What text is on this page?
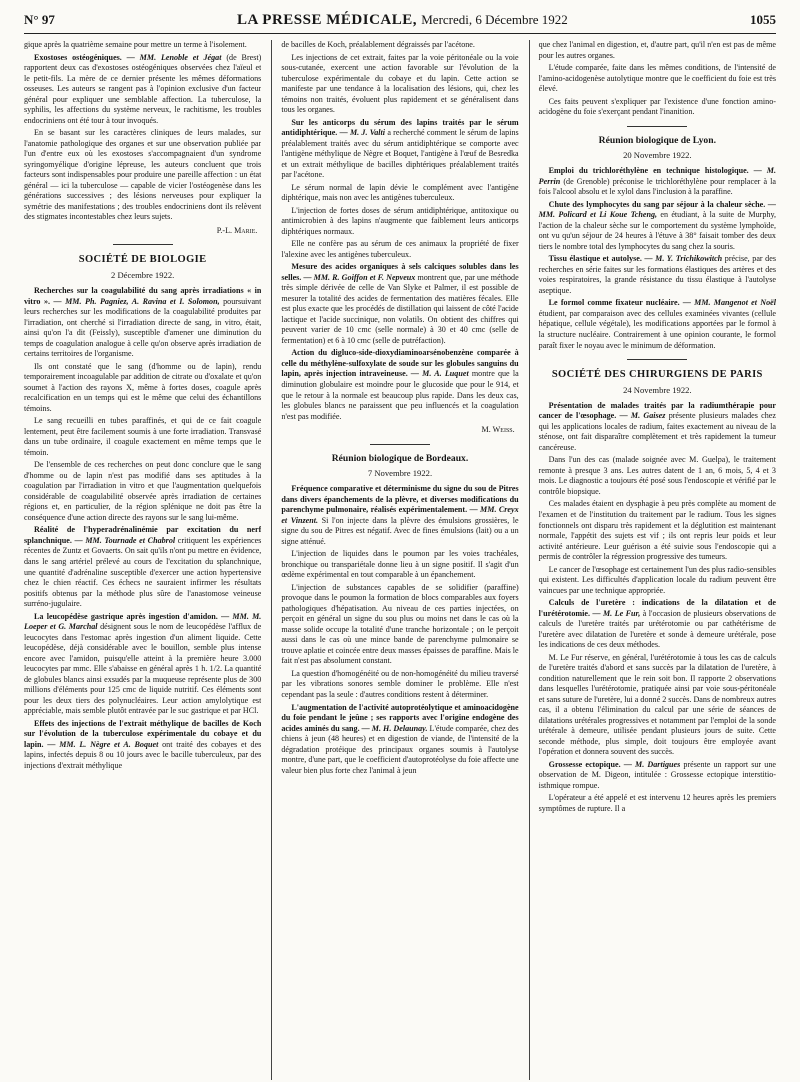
N° 97	LA PRESSE MÉDICALE, Mercredi, 6 Décembre 1922	1055

gique après la quatrième semaine pour mettre un terme à l'isolement.

Exostoses ostéogéniques. — MM. Lenoble et Jégat (de Brest) rapportent deux cas d'exostoses ostéogéniques observées chez l'aïeul et le petit-fils. La mère de ce dernier présente les mêmes déformations osseuses. Les auteurs se rangent pas à l'opinion exclusive d'un facteur général pour expliquer une semblable affection. La tuberculose, la syphilis, les affections du système nerveux, le rachitisme, les troubles endocriniens ont été tour à tour invoqués.

En se basant sur les caractères cliniques de leurs malades, sur l'anatomie pathologique des organes et sur une observation publiée par l'un d'entre eux où les exostoses s'accompagnaient d'un syndrome syringomyélique d'origine lépreuse, les auteurs concluent que trois facteurs sont indispensables pour produire une pareille affection : un état général — ici la tuberculose — capable de vicier l'ostéogenèse dans les générations successives ; des lésions nerveuses pour expliquer la symétrie des manifestations ; des troubles endocriniens dont ils relèvent des stigmates incontestables chez leurs sujets.

P.-L. Marie.

SOCIÉTÉ DE BIOLOGIE
2 Décembre 1922.

Recherches sur la coagulabilité du sang après irradiations « in vitro ». — MM. Ph. Pagniez, A. Ravina et I. Solomon, poursuivant leurs recherches sur les modifications de la coagulabilité produites par l'irradiation, ont cherché si l'irradiation directe de sang, in vitro, était, ainsi qu'on l'a dit (Feissly), susceptible d'amener une diminution du temps de coagulation analogue à celle qu'on observe après irradiation de certains territoires de l'organisme.

Ils ont constaté que le sang (d'homme ou de lapin), rendu temporairement incoagulable par addition de citrate ou d'oxalate et qu'on soumet à l'action des rayons X, même à fortes doses, coagule après recalcification en un temps qui est le même que celui des échantillons témoins.

Le sang recueilli en tubes paraffinés, et qui de ce fait coagule lentement, peut être facilement soumis à une forte irradiation. Transvasé dans un tube ordinaire, il coagule exactement en même temps que le témoin.

De l'ensemble de ces recherches on peut donc conclure que le sang d'homme ou de lapin n'est pas modifié dans ses aptitudes à la coagulation par l'irradiation in vitro et que l'augmentation quelquefois considérable de coagulabilité observée après irradiation de certaines régions et, en particulier, de la région splénique ne doit pas être la conséquence d'une action directe des rayons sur le sang lui-même.

Réalité de l'hyperadrénalinémie par excitation du nerf splanchnique. — MM. Tournade et Chabrol critiquent les expériences récentes de Zuntz et Govaerts. On sait qu'ils n'ont pu mettre en évidence, dans le sang artériel prélevé au cours de l'excitation du splanchnique, une quantité d'adrénaline susceptible d'exercer une action hypertensive chez le chien réactif. Ces échecs ne sauraient infirmer les résultats positifs obtenus par la méthode plus sûre de l'anastomose veineuse surréno-jugulaire.

La leucopédèse gastrique après ingestion d'amidon. — MM. M. Loeper et G. Marchal désignent sous le nom de leucopédèse l'afflux de leucocytes dans l'estomac après ingestion d'un aliment liquide. Cette leucopédèse, déjà considérable avec le bouillon, semble plus intense encore avec l'amidon, puisqu'elle atteint à la première heure 3.000 leucocytes par mmc. Elle s'abaisse en général après 1 h. 1/2. La quantité de globules blancs ainsi exsudés par la muqueuse représente plus de 300 millions d'éléments pour 125 cmc de liquide nutritif. Ces éléments sont pour les deux tiers des polynucléaires. Leur action amylolytique est appréciable, mais semble plutôt entravée par le suc gastrique et par HCl.

Effets des injections de l'extrait méthylique de bacilles de Koch sur l'évolution de la tuberculose expérimentale du cobaye et du lapin. — MM. L. Nègre et A. Boquet ont traité des cobayes et des lapins, infectés depuis 8 ou 10 jours avec le bacille tuberculeux, par des injections d'extrait méthylique

de bacilles de Koch, préalablement dégraissés par l'acétone.

Les injections de cet extrait, faites par la voie péritonéale ou la voie sous-cutanée, exercent une action favorable sur l'évolution de la tuberculose expérimentale du cobaye et du lapin. Cette action se manifeste par une tendance à la localisation des lésions, qui, chez les témoins non traités, évoluent plus rapidement et se généralisent dans tous les organes.

Sur les anticorps du sérum des lapins traités par le sérum antidiphtérique. — M. J. Valti a recherché comment le sérum de lapins préalablement traités avec du sérum antidiphtérique se comporte avec l'antigène méthylique de Nègre et Boquet, l'antigène à l'œuf de Besredka et un extrait méthylique de bacilles diphtériques préalablement traités par l'acétone.

Le sérum normal de lapin dévie le complément avec l'antigène diphtérique, mais non avec les antigènes tuberculeux.

L'injection de fortes doses de sérum antidiphtérique, antitoxique ou antimicrobien à des lapins n'augmente que faiblement leurs anticorps diphtériques normaux.

Elle ne confère pas au sérum de ces animaux la propriété de fixer l'alexine avec les antigènes tuberculeux.

Mesure des acides organiques à sels calciques solubles dans les selles. — MM. R. Goiffon et F. Nepveux montrent que, par une méthode très simple dérivée de celle de Van Slyke et Palmer, il est possible de mesurer la totalité des acides de fermentation des matières fécales. Elle est plus exacte que les procédés de distillation qui laissent de côté l'acide lactique et l'acide succinique, non volatils. On obtient des chiffres qui peuvent varier de 10 cmc (selle normale) à 30 et 40 cmc (selle de fermentation) et 6 à 10 cmc (selle de putréfaction).

Action du digluco-side-dioxydiaminoarsénobenzène comparée à celle du méthylène-sulfoxylate de soude sur les globules sanguins du lapin, après injection intraveineuse. — M. A. Luquet montre que la diminution globulaire est moindre pour le glucoside que pour le 914, et que le retour à la normale est beaucoup plus rapide. Dans les deux cas, les globules blancs ne paraissent que peu influencés et la coagulation n'est pas modifiée.

M. Weiss.

Réunion biologique de Bordeaux.
7 Novembre 1922.

Fréquence comparative et déterminisme du signe du sou de Pitres dans divers épanchements de la plèvre, et diverses modifications du parenchyme pulmonaire, réalisés expérimentalement. — MM. Creyx et Vinzent. Si l'on injecte dans la plèvre des émulsions grossières, le signe du sou de Pitres est négatif. Avec de fines émulsions (lait) ou a un signe atténué.

L'injection de liquides dans le poumon par les voies trachéales, bronchique ou transpariétale donne lieu à un signe positif. Il s'agit d'un œdème expérimental en tout comparable à un épanchement.

L'injection de substances capables de se solidifier (paraffine) provoque dans le poumon la formation de blocs comparables aux foyers pathologiques d'hépatisation. Au niveau de ces parties injectées, on perçoit en général un signe du sou plus ou moins net dans le cas où la masse solide occupe la totalité d'une tranche horizontale ; on le perçoit aussi dans le cas où une mince bande de parenchyme pulmonaire se trouve aplatie et coincée entre deux masses épaisses de paraffine. Mais le fait n'est pas absolument constant.

La question d'homogénéité ou de non-homogénéité du milieu traversé par les vibrations sonores semble dominer le problème. Elle n'est cependant pas la seule : d'autres conditions restent à déterminer.

L'augmentation de l'activité autoprotéolytique et aminoacidogène du foie pendant le jeûne ; ses rapports avec l'origine endogène des acides aminés du sang. — M. H. Delaunay. L'étude comparée, chez des chiens à jeun (48 heures) et en digestion de viande, de l'intensité de la dégradation protéique des principaux organes soumis à l'autolyse montre, d'une part, que le coefficient d'autoprotéolyse du foie affecte une valeur bien plus forte chez l'animal à jeun

que chez l'animal en digestion, et, d'autre part, qu'il n'en est pas de même pour les autres organes.

L'étude comparée, faite dans les mêmes conditions, de l'intensité de l'amino-acidogenèse autolytique montre que le coefficient du foie est très élevé.

Ces faits peuvent s'expliquer par l'existence d'une fonction amino-acidogène du foie s'exerçant pendant l'inanition.

Réunion biologique de Lyon.
20 Novembre 1922.

Emploi du trichloréthylène en technique histologique. — M. Perrin (de Grenoble) préconise le trichloréthylène pour remplacer à la fois l'alcool absolu et le xylol dans l'inclusion à la paraffine.

Chute des lymphocytes du sang par séjour à la chaleur sèche. — MM. Policard et Li Koue Tcheng, en étudiant, à la suite de Murphy, l'action de la chaleur sèche sur le comportement du système lymphoïde, ont vu qu'un séjour de 24 heures à l'étuve à 38° faisait tomber des deux tiers le nombre total des lymphocytes du sang chez la souris.

Tissu élastique et autolyse. — M. Y. Trichikowitch précise, par des recherches en série faites sur les formations élastiques des artères et des voies respiratoires, la grande résistance du tissu élastique à l'autolyse aseptique.

Le formol comme fixateur nucléaire. — MM. Mangenot et Noël étudient, par comparaison avec des cellules examinées vivantes (cellule hépatique, cellule végétale), les modifications apportées par le formol à la structure nucléaire. Contrairement à une opinion courante, le formol paraît fixer le noyau avec le minimum de déformation.

SOCIÉTÉ DES CHIRURGIENS DE PARIS
24 Novembre 1922.

Présentation de malades traités par la radiumthérapie pour cancer de l'œsophage. — M. Gaisez présente plusieurs malades chez qui les applications locales de radium, faites exactement au niveau de la sténose, ont fait disparaître complètement et très rapidement la tumeur cancéreuse.

Dans l'un des cas (malade soignée avec M. Guelpa), le traitement remonte à presque 3 ans. Les autres datent de 1 an, 6 mois, 5, 4 et 3 mois. Le diagnostic a toujours été posé sous l'endoscopie et vérifié par le contrôle biopsique.

Ces malades étaient en dysphagie à peu près complète au moment de l'examen et de l'institution du traitement par le radium. Tous les signes fonctionnels ont disparu très rapidement et la déglutition est maintenant normale, l'appétit des sujets est vif ; ils ont repris leur poids et leur activité antérieure. Leur guérison a été suivie sous l'endoscopie qui a permis de contrôler la régression progressive des tumeurs.

Le cancer de l'œsophage est certainement l'un des plus radio-sensibles qui existent. Les difficultés d'application locale du radium peuvent être vaincues par une technique appropriée.

Calculs de l'uretère : indications de la dilatation et de l'urétérotomie. — M. Le Fur, à l'occasion de plusieurs observations de calculs de l'uretère traités par urétérotomie ou par cathétérisme de l'uretère avec dilatation de l'uretère et sonde à demeure urétérale, pose les indications de ces deux méthodes.

M. Le Fur réserve, en général, l'urétérotomie à tous les cas de calculs de l'uretère traités d'abord et sans succès par la dilatation de l'uretère, à condition naturellement que le rein soit bon. Il rapporte 2 observations dans lesquelles l'urétérotomie, pratiquée ainsi par voie sous-péritonéale et sans suture de l'uretère, lui a donné 2 succès. Dans de nombreux autres cas, il a obtenu l'élimination du calcul par une série de séances de dilatations urétérales progressives et notamment par l'emploi de la sonde urétérale à demeure, utilisée pendant plusieurs jours de suite. Cette seconde méthode, plus simple, doit toujours être employée avant l'opération et donnera souvent des succès.

Grossesse ectopique. — M. Dartigues présente un rapport sur une observation de M. Digeon, intitulée : Grossesse ectopique interstitio-isthmique rompue.

L'opérateur a été appelé et est intervenu 12 heures après les premiers symptômes de rupture. Il a
